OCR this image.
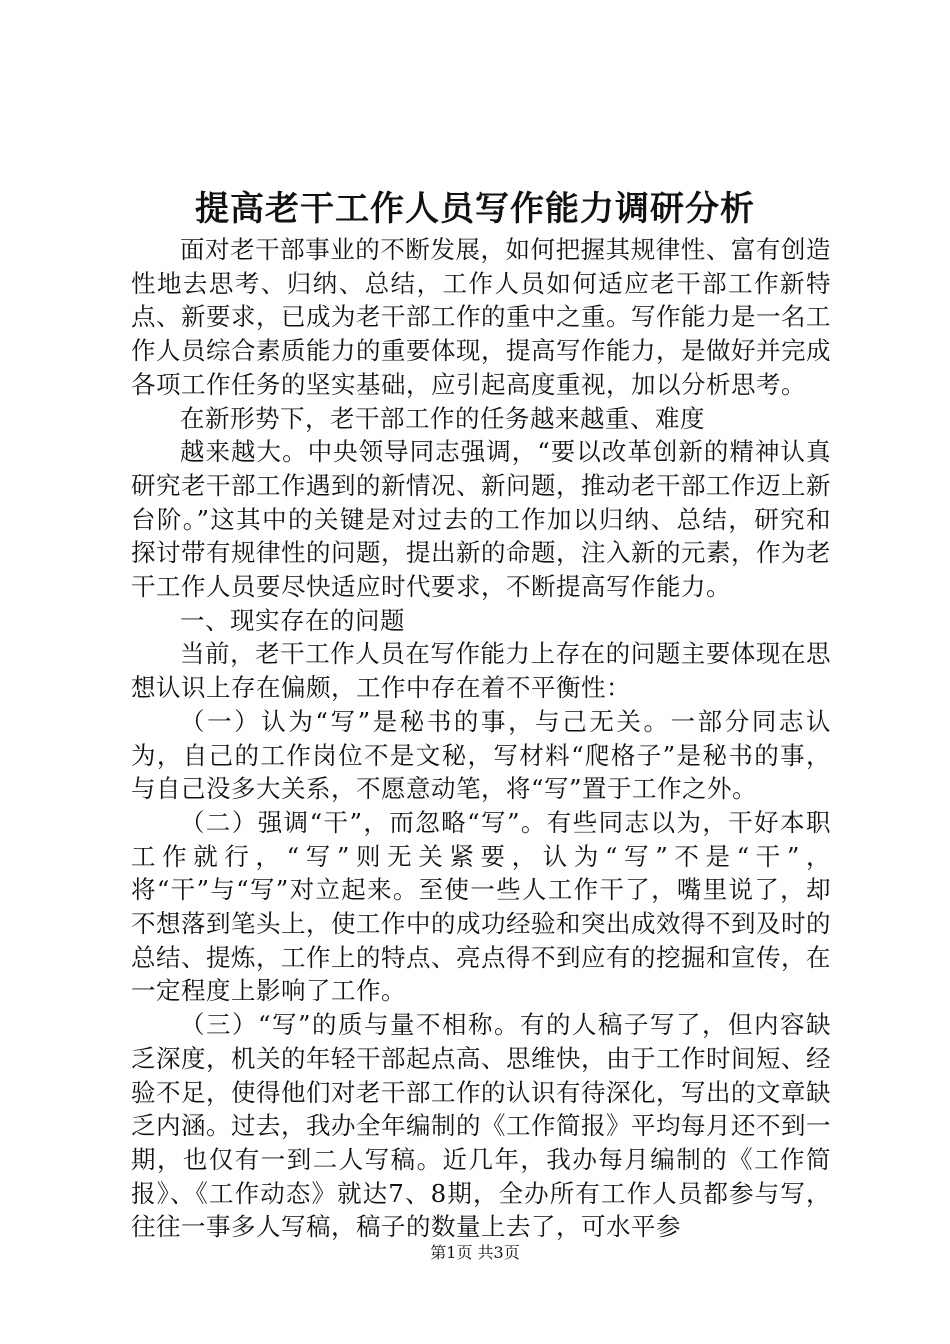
提高老干工作人员写作能力调研分析

面对老干部事业的不断发展，如何把握其规律性、富有创造性地去思考、归纳、总结，工作人员如何适应老干部工作新特点、新要求，已成为老干部工作的重中之重。写作能力是一名工作人员综合素质能力的重要体现，提高写作能力，是做好并完成各项工作任务的坚实基础，应引起高度重视，加以分析思考。

在新形势下，老干部工作的任务越来越重、难度

越来越大。中央领导同志强调，“要以改革创新的精神认真研究老干部工作遇到的新情况、新问题，推动老干部工作迈上新台阶。”这其中的关键是对过去的工作加以归纳、总结，研究和探讨带有规律性的问题，提出新的命题，注入新的元素，作为老干工作人员要尽快适应时代要求，不断提高写作能力。

一、现实存在的问题

当前，老干工作人员在写作能力上存在的问题主要体现在思想认识上存在偏颇，工作中存在着不平衡性：

（一）认为“写”是秘书的事，与己无关。一部分同志认为，自己的工作岗位不是文秘，写材料“爬格子”是秘书的事，与自己没多大关系，不愿意动笔，将“写”置于工作之外。

（二）强调“干”，而忽略“写”。有些同志以为，干好本职工作就行，“写”则无关紧要，认为“写”不是“干”，将“干”与“写”对立起来。至使一些人工作干了，嘴里说了，却不想落到笔头上，使工作中的成功经验和突出成效得不到及时的总结、提炼，工作上的特点、亮点得不到应有的挖掘和宣传，在一定程度上影响了工作。

（三）“写”的质与量不相称。有的人稿子写了，但内容缺乏深度，机关的年轻干部起点高、思维快，由于工作时间短、经验不足，使得他们对老干部工作的认识有待深化，写出的文章缺乏内涵。过去，我办全年编制的《工作简报》平均每月还不到一期，也仅有一到二人写稿。近几年，我办每月编制的《工作简报》、《工作动态》就达7、8期，全办所有工作人员都参与写，往往一事多人写稿，稿子的数量上去了，可水平参

第1页 共3页
